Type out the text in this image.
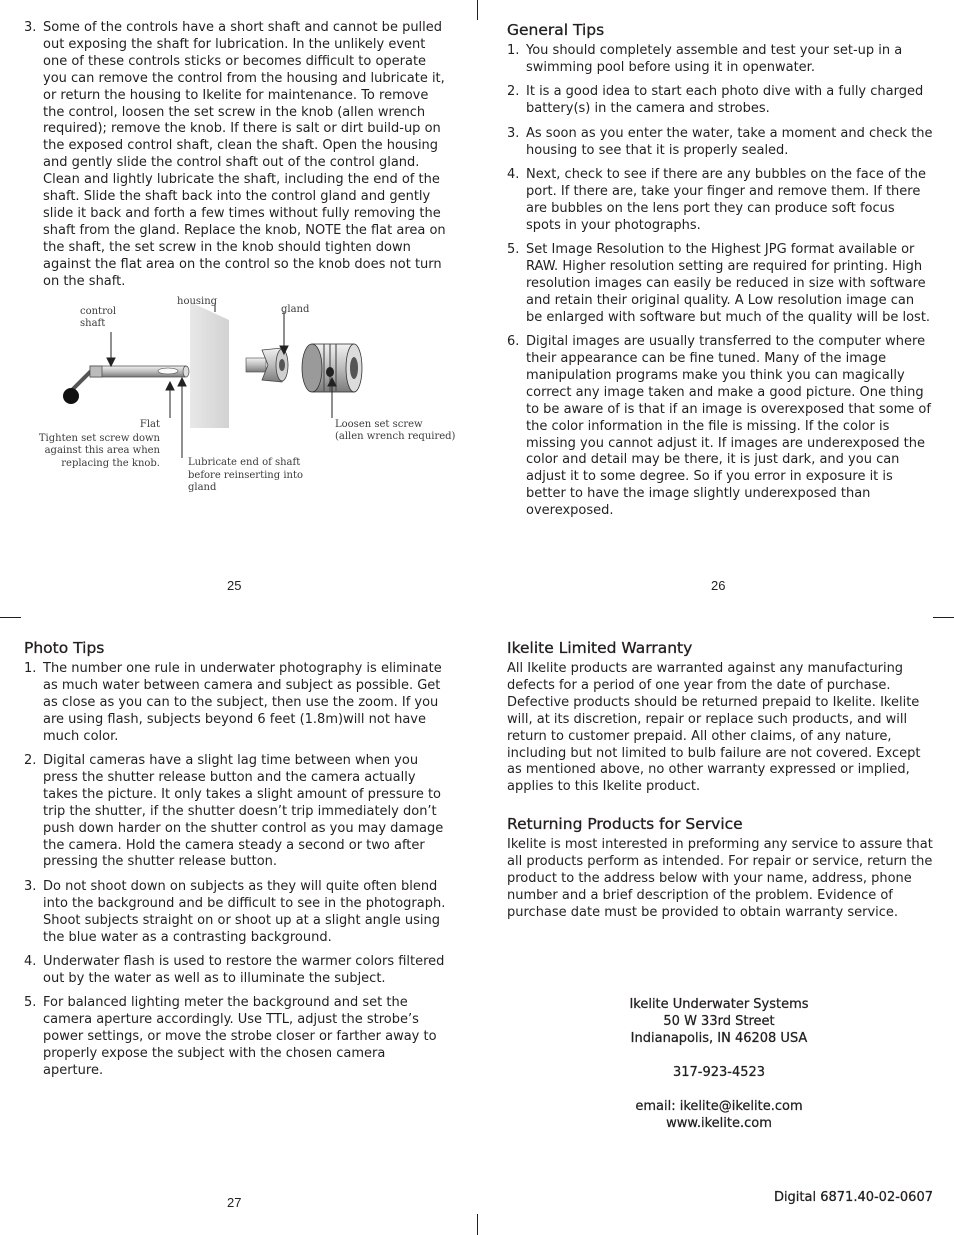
3. Some of the controls have a short shaft and cannot be pulled out exposing the shaft for lubrication. In the unlikely event one of these controls sticks or becomes difficult to operate you can remove the control from the housing and lubricate it, or return the housing to Ikelite for maintenance. To remove the control, loosen the set screw in the knob (allen wrench required); remove the knob. If there is salt or dirt build-up on the exposed control shaft, clean the shaft. Open the housing and gently slide the control shaft out of the control gland. Clean and lightly lubricate the shaft, including the end of the shaft. Slide the shaft back into the control gland and gently slide it back and forth a few times without fully removing the shaft from the gland. Replace the knob, NOTE the flat area on the shaft, the set screw in the knob should tighten down against the flat area on the control so the knob does not turn on the shaft.
control
shaft
housing
gland
Flat
Tighten set screw down
against this area when
replacing the knob.	Lubricate end of shaft
before reinserting into
gland
Loosen set screw
(allen wrench required)
25
General Tips
1. You should completely assemble and test your set-up in a swimming pool before using it in openwater.
2. It is a good idea to start each photo dive with a fully charged battery(s) in the camera and strobes.
3. As soon as you enter the water, take a moment and check the housing to see that it is properly sealed.
4. Next, check to see if there are any bubbles on the face of the port. If there are, take your finger and remove them. If there are bubbles on the lens port they can produce soft focus spots in your photographs.
5. Set Image Resolution to the Highest JPG format available or RAW. Higher resolution setting are required for printing. High resolution images can easily be reduced in size with software and retain their original quality. A Low resolution image can be enlarged with software but much of the quality will be lost.
6. Digital images are usually transferred to the computer where their appearance can be fine tuned. Many of the image manipulation programs make you think you can magically correct any image taken and make a good picture. One thing to be aware of is that if an image is overexposed that some of the color information in the file is missing. If the color is missing you cannot adjust it. If images are underexposed the color and detail may be there, it is just dark, and you can adjust it to some degree. So if you error in exposure it is better to have the image slightly underexposed than overexposed.
26
Photo Tips
1. The number one rule in underwater photography is eliminate as much water between camera and subject as possible. Get as close as you can to the subject, then use the zoom. If you are using flash, subjects beyond 6 feet (1.8m)will not have much color.
2. Digital cameras have a slight lag time between when you press the shutter release button and the camera actually takes the picture. It only takes a slight amount of pressure to trip the shutter, if the shutter doesn’t trip immediately don’t push down harder on the shutter control as you may damage the camera. Hold the camera steady a second or two after pressing the shutter release button.
3. Do not shoot down on subjects as they will quite often blend into the background and be difficult to see in the photograph. Shoot subjects straight on or shoot up at a slight angle using the blue water as a contrasting background.
4. Underwater flash is used to restore the warmer colors filtered out by the water as well as to illuminate the subject.
5. For balanced lighting meter the background and set the camera aperture accordingly. Use TTL, adjust the strobe’s power settings, or move the strobe closer or farther away to properly expose the subject with the chosen camera aperture.
27
Ikelite Limited Warranty

All Ikelite products are warranted against any manufacturing defects for a period of one year from the date of purchase. Defective products should be returned prepaid to Ikelite. Ikelite will, at its discretion, repair or replace such products, and will return to customer prepaid. All other claims, of any nature, including but not limited to bulb failure are not covered. Except as mentioned above, no other warranty expressed or implied, applies to this Ikelite product.

Returning Products for Service

Ikelite is most interested in preforming any service to assure that all products perform as intended. For repair or service, return the product to the address below with your name, address, phone number and a brief description of the problem. Evidence of purchase date must be provided to obtain warranty service.

Ikelite Underwater Systems
50 W 33rd Street
Indianapolis, IN 46208 USA
317-923-4523
email: ikelite@ikelite.com
www.ikelite.com
Digital 6871.40-02-0607
